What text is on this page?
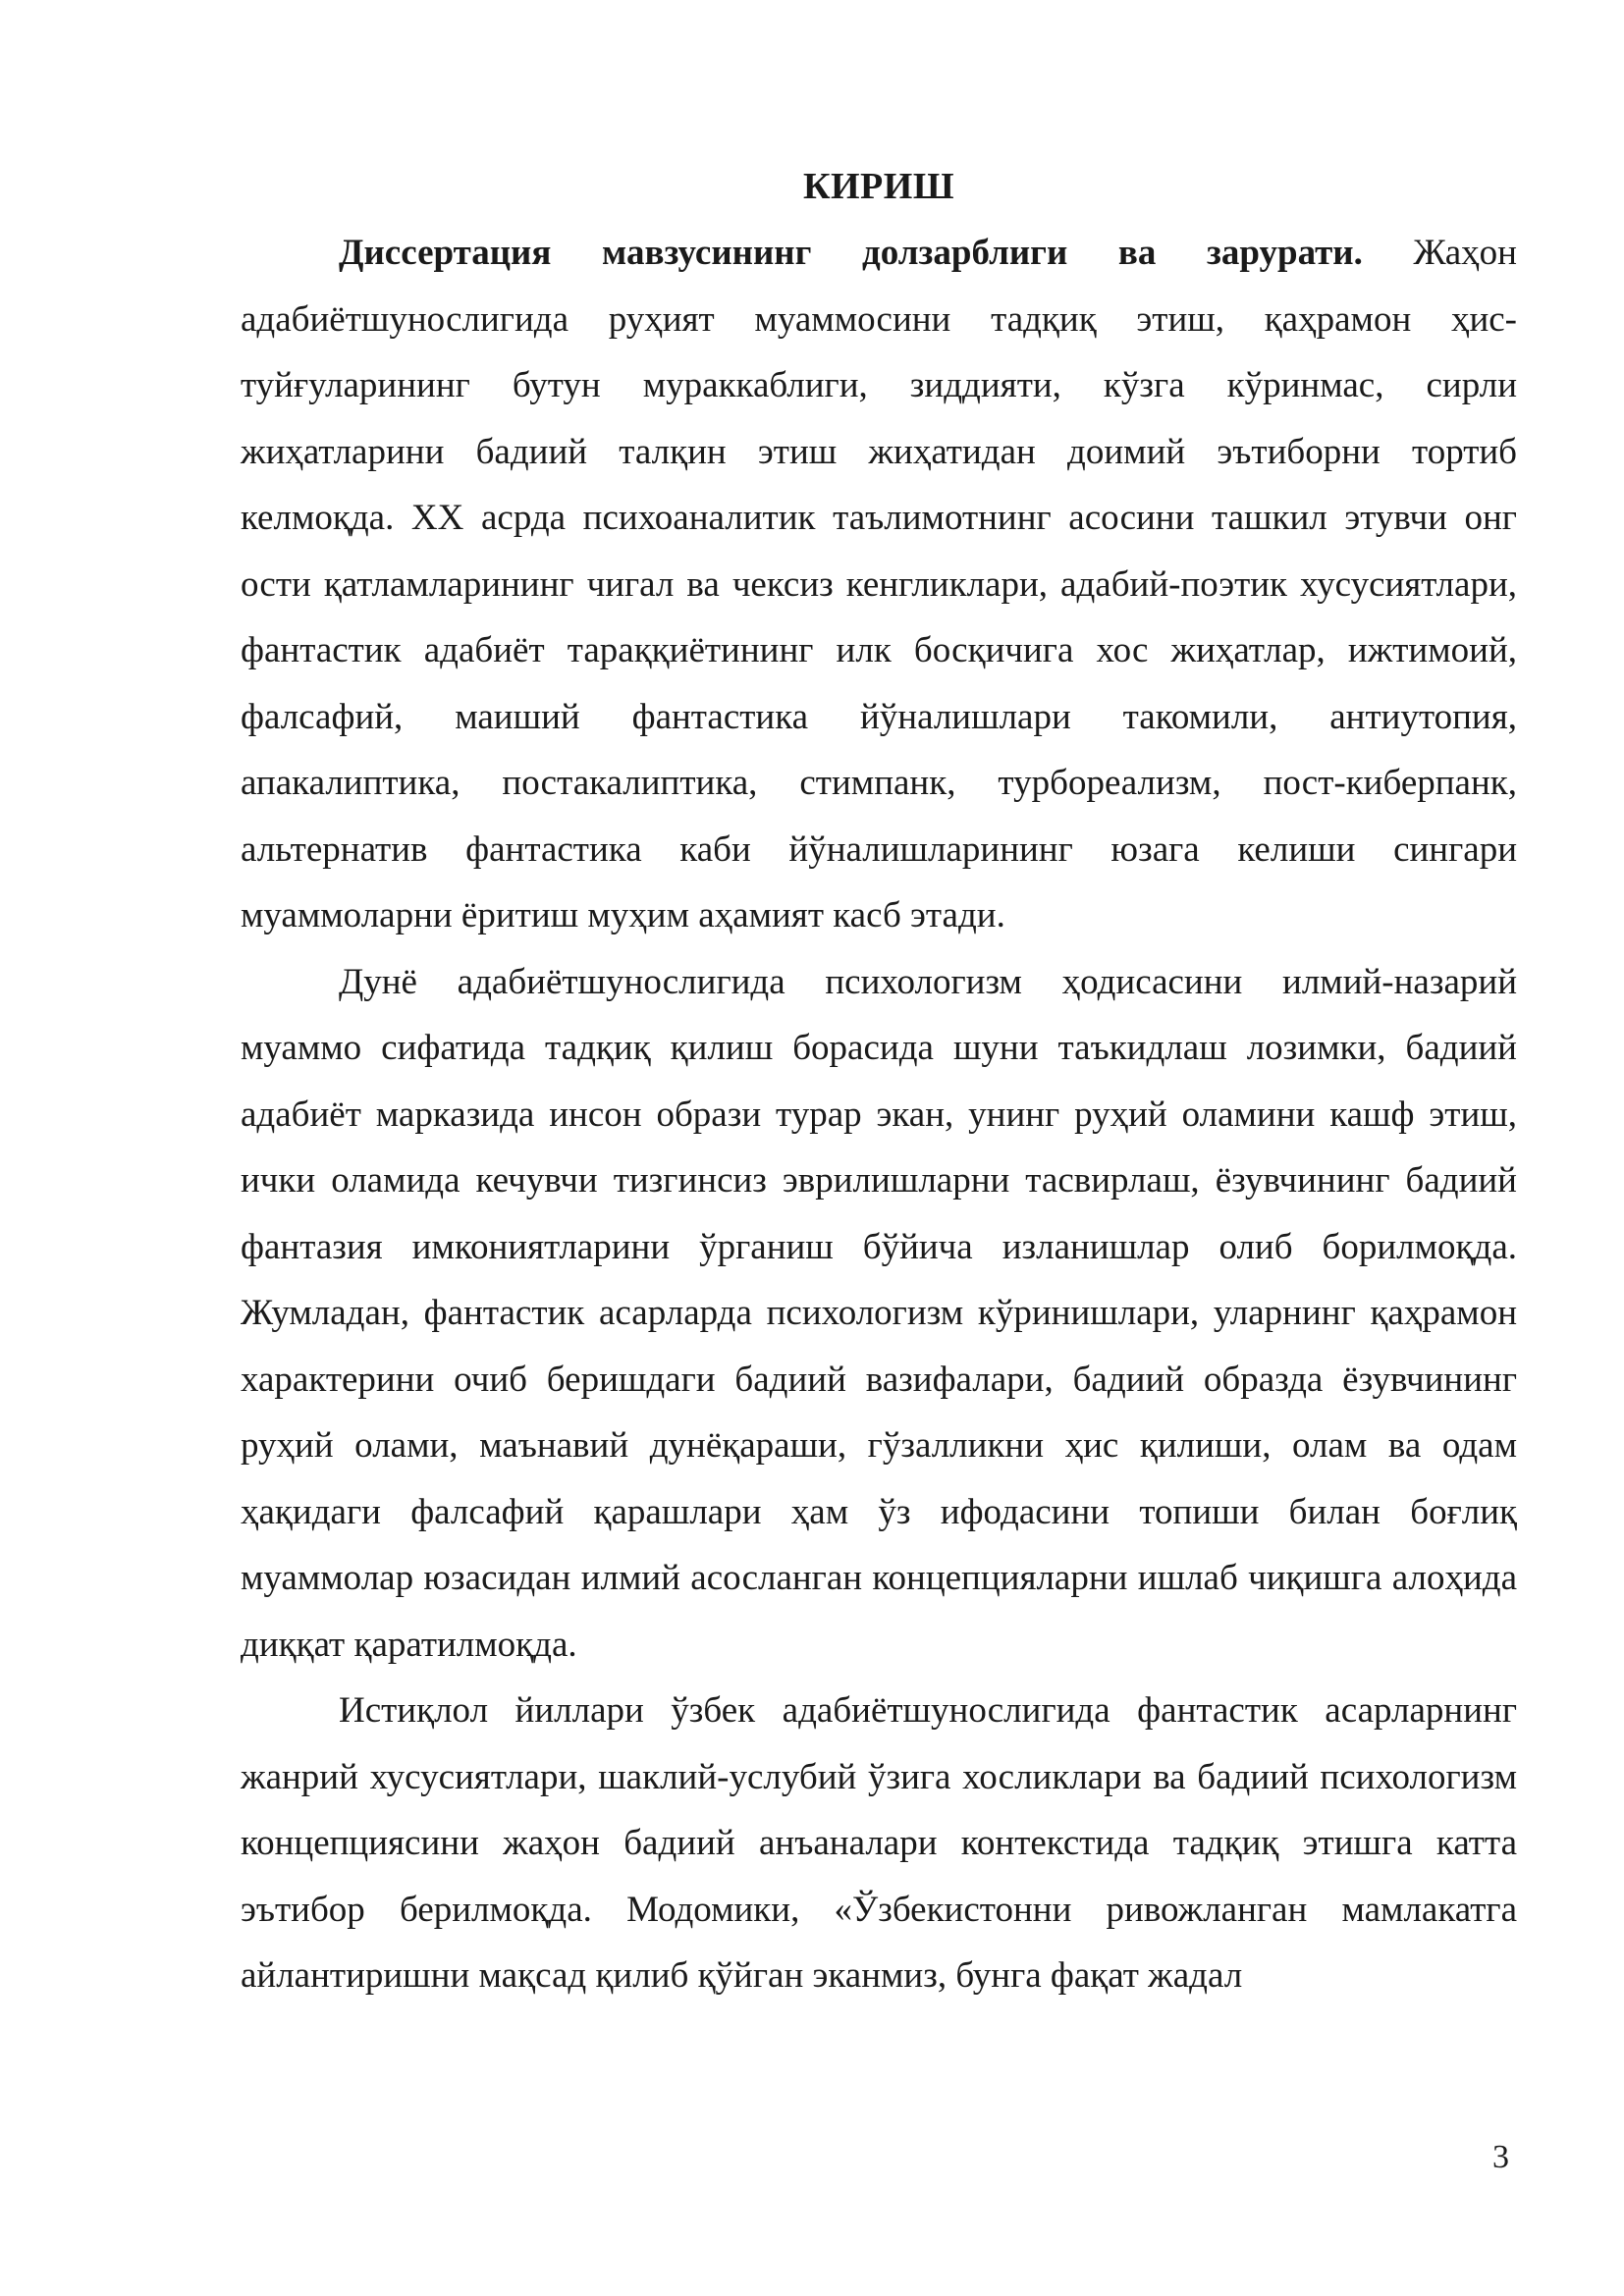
КИРИШ

Диссертация мавзусининг долзарблиги ва зарурати. Жаҳон адабиётшунослигида руҳият муаммосини тадқиқ этиш, қаҳрамон ҳис-туйғуларининг бутун мураккаблиги, зиддияти, кўзга кўринмас, сирли жиҳатларини бадиий талқин этиш жиҳатидан доимий эътиборни тортиб келмоқда. XX асрда психоаналитик таълимотнинг асосини ташкил этувчи онг ости қатламларининг чигал ва чексиз кенгликлари, адабий-поэтик хусусиятлари, фантастик адабиёт тараққиётининг илк босқичига хос жиҳатлар, ижтимоий, фалсафий, маиший фантастика йўналишлари такомили, антиутопия, апакалиптика, постакалиптика, стимпанк, турбореализм, пост-киберпанк, альтернатив фантастика каби йўналишларининг юзага келиши сингари муаммоларни ёритиш муҳим аҳамият касб этади.

Дунё адабиётшунослигида психологизм ҳодисасини илмий-назарий муаммо сифатида тадқиқ қилиш борасида шуни таъкидлаш лозимки, бадиий адабиёт марказида инсон образи турар экан, унинг руҳий оламини кашф этиш, ички оламида кечувчи тизгинсиз эврилишларни тасвирлаш, ёзувчининг бадиий фантазия имкониятларини ўрганиш бўйича изланишлар олиб борилмоқда. Жумладан, фантастик асарларда психологизм кўринишлари, уларнинг қаҳрамон характерини очиб беришдаги бадиий вазифалари, бадиий образда ёзувчининг руҳий олами, маънавий дунёқараши, гўзалликни ҳис қилиши, олам ва одам ҳақидаги фалсафий қарашлари ҳам ўз ифодасини топиши билан боғлиқ муаммолар юзасидан илмий асосланган концепцияларни ишлаб чиқишга алоҳида диққат қаратилмоқда.

Истиқлол йиллари ўзбек адабиётшунослигида фантастик асарларнинг жанрий хусусиятлари, шаклий-услубий ўзига хосликлари ва бадиий психологизм концепциясини жаҳон бадиий анъаналари контекстида тадқиқ этишга катта эътибор берилмоқда. Модомики, «Ўзбекистонни ривожланган мамлакатга айлантиришни мақсад қилиб қўйган эканмиз, бунга фақат жадал

3
